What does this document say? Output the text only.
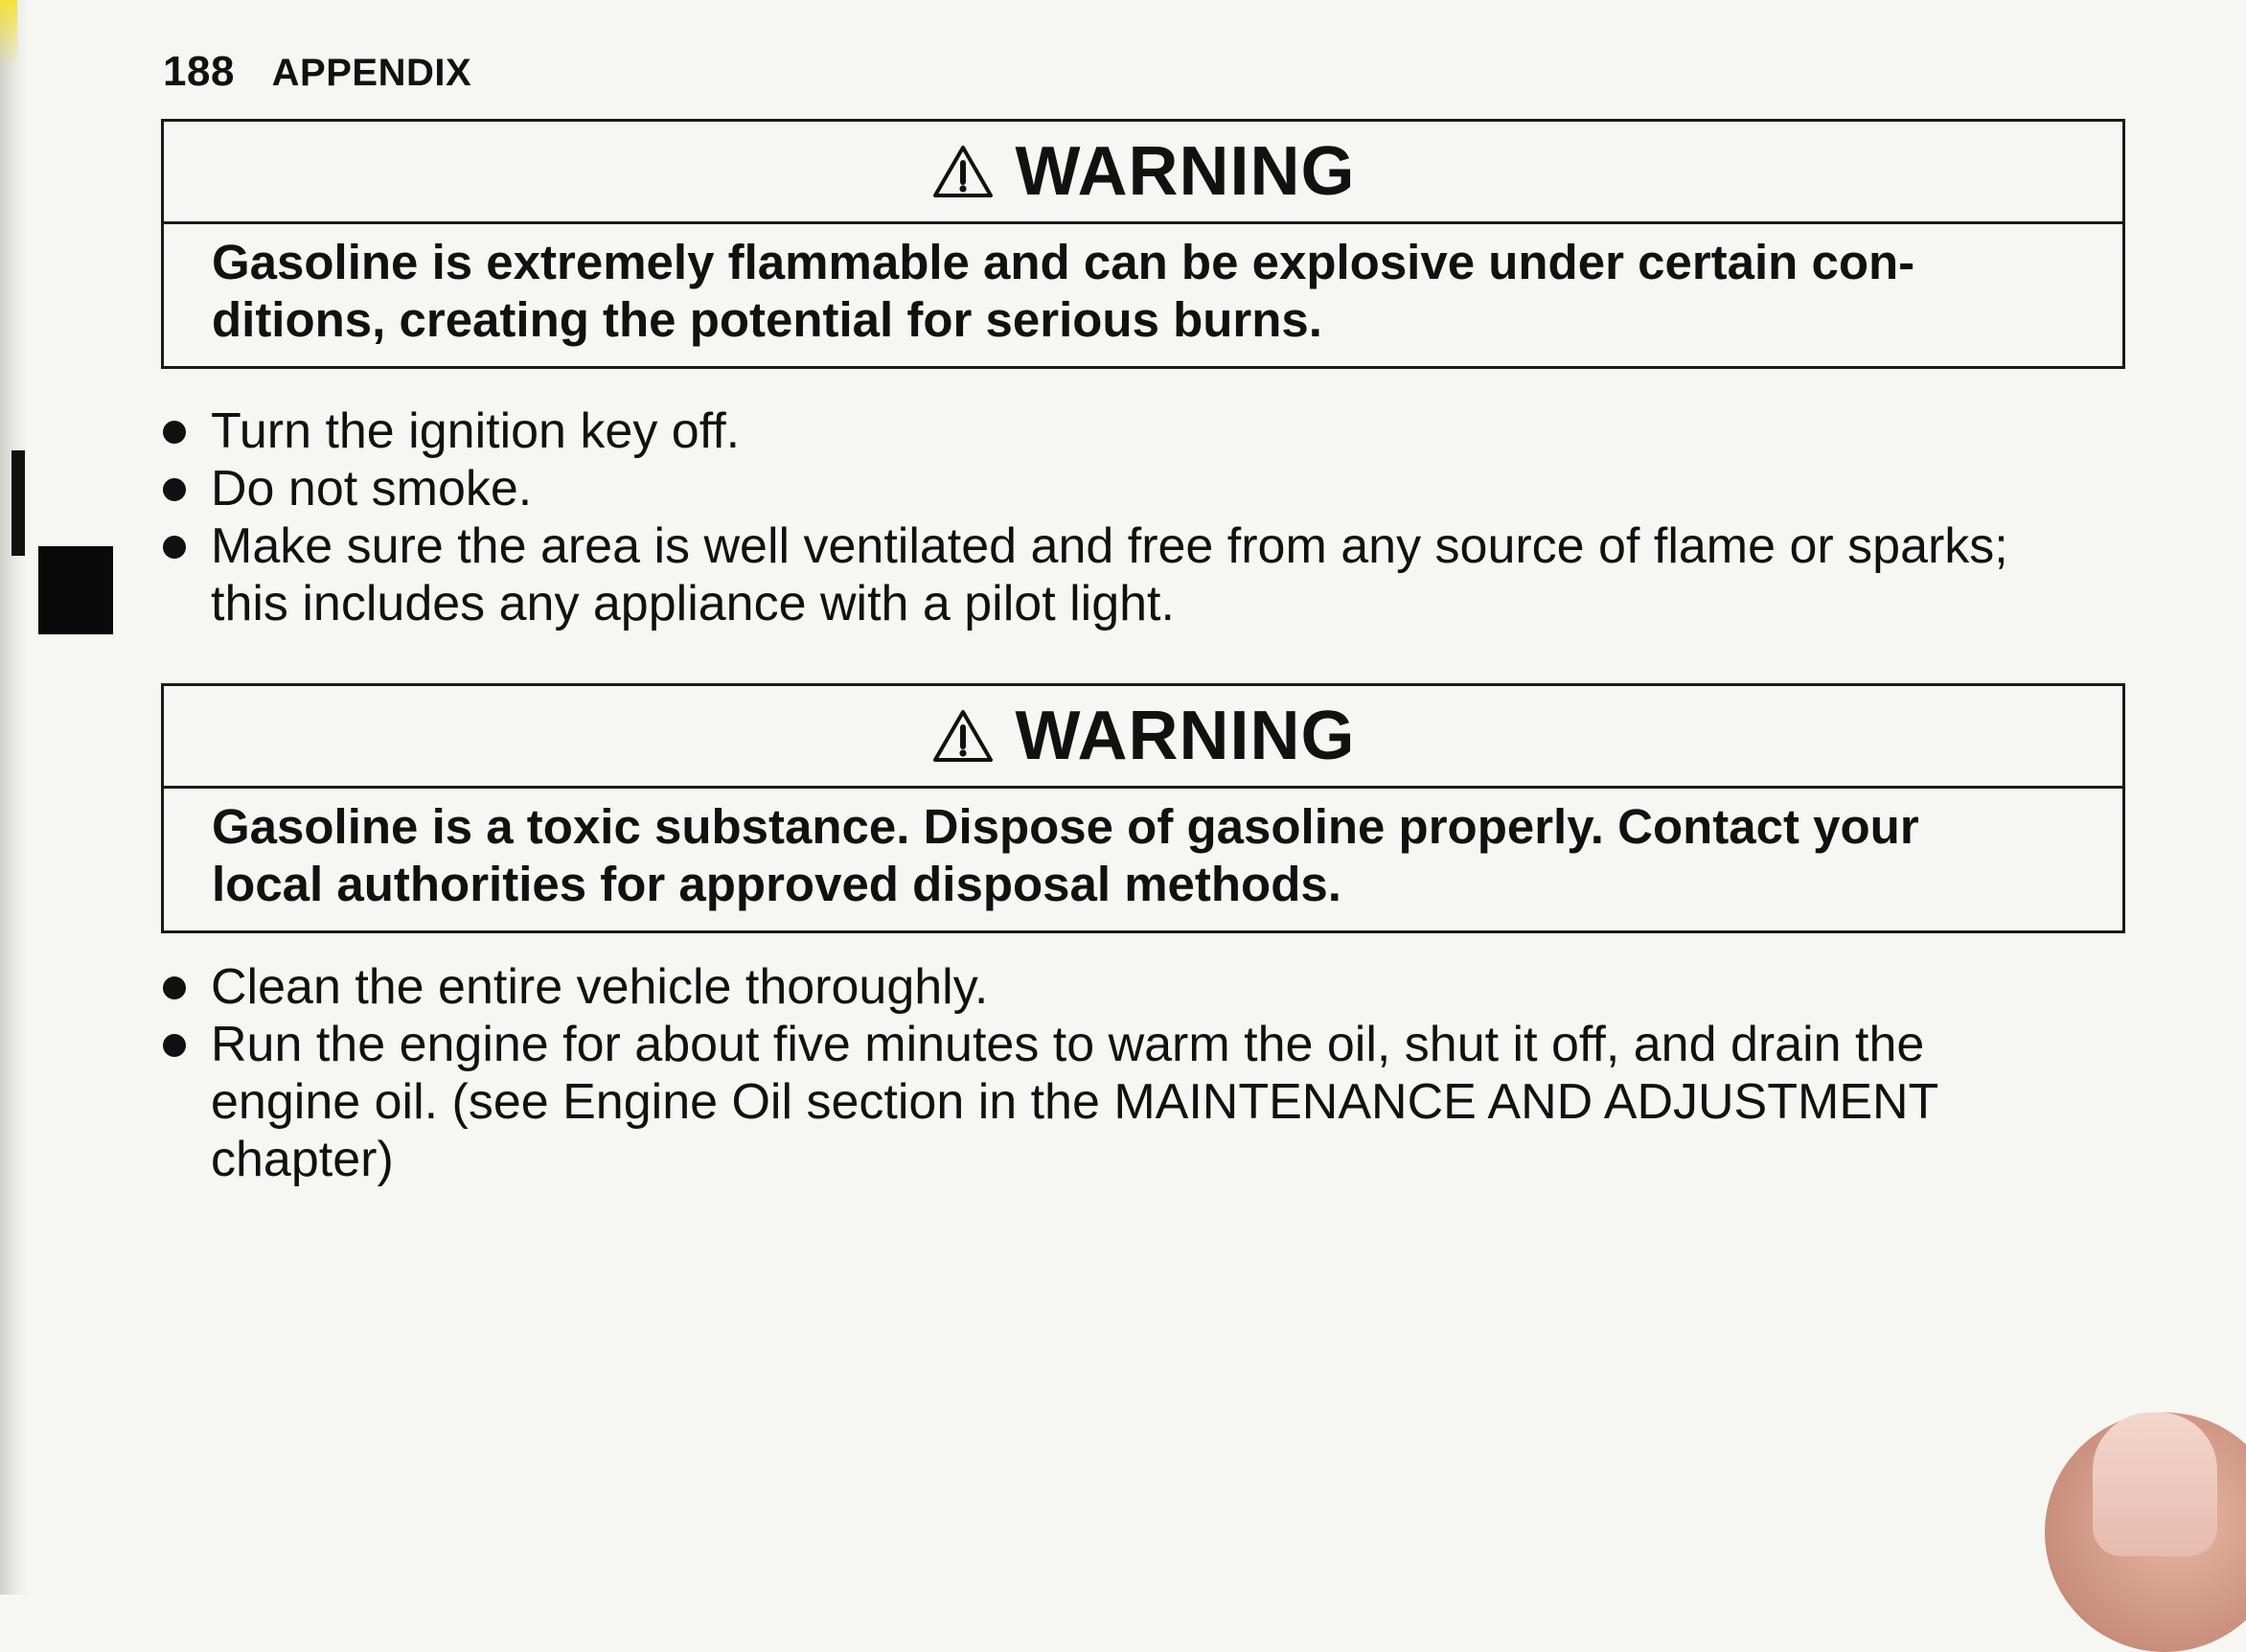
188 APPENDIX
WARNING
Gasoline is extremely flammable and can be explosive under certain con-
ditions, creating the potential for serious burns.
Turn the ignition key off.
Do not smoke.
Make sure the area is well ventilated and free from any source of flame or sparks;
this includes any appliance with a pilot light.
WARNING
Gasoline is a toxic substance. Dispose of gasoline properly. Contact your
local authorities for approved disposal methods.
Clean the entire vehicle thoroughly.
Run the engine for about five minutes to warm the oil, shut it off, and drain the
engine oil. (see Engine Oil section in the MAINTENANCE AND ADJUSTMENT
chapter)
